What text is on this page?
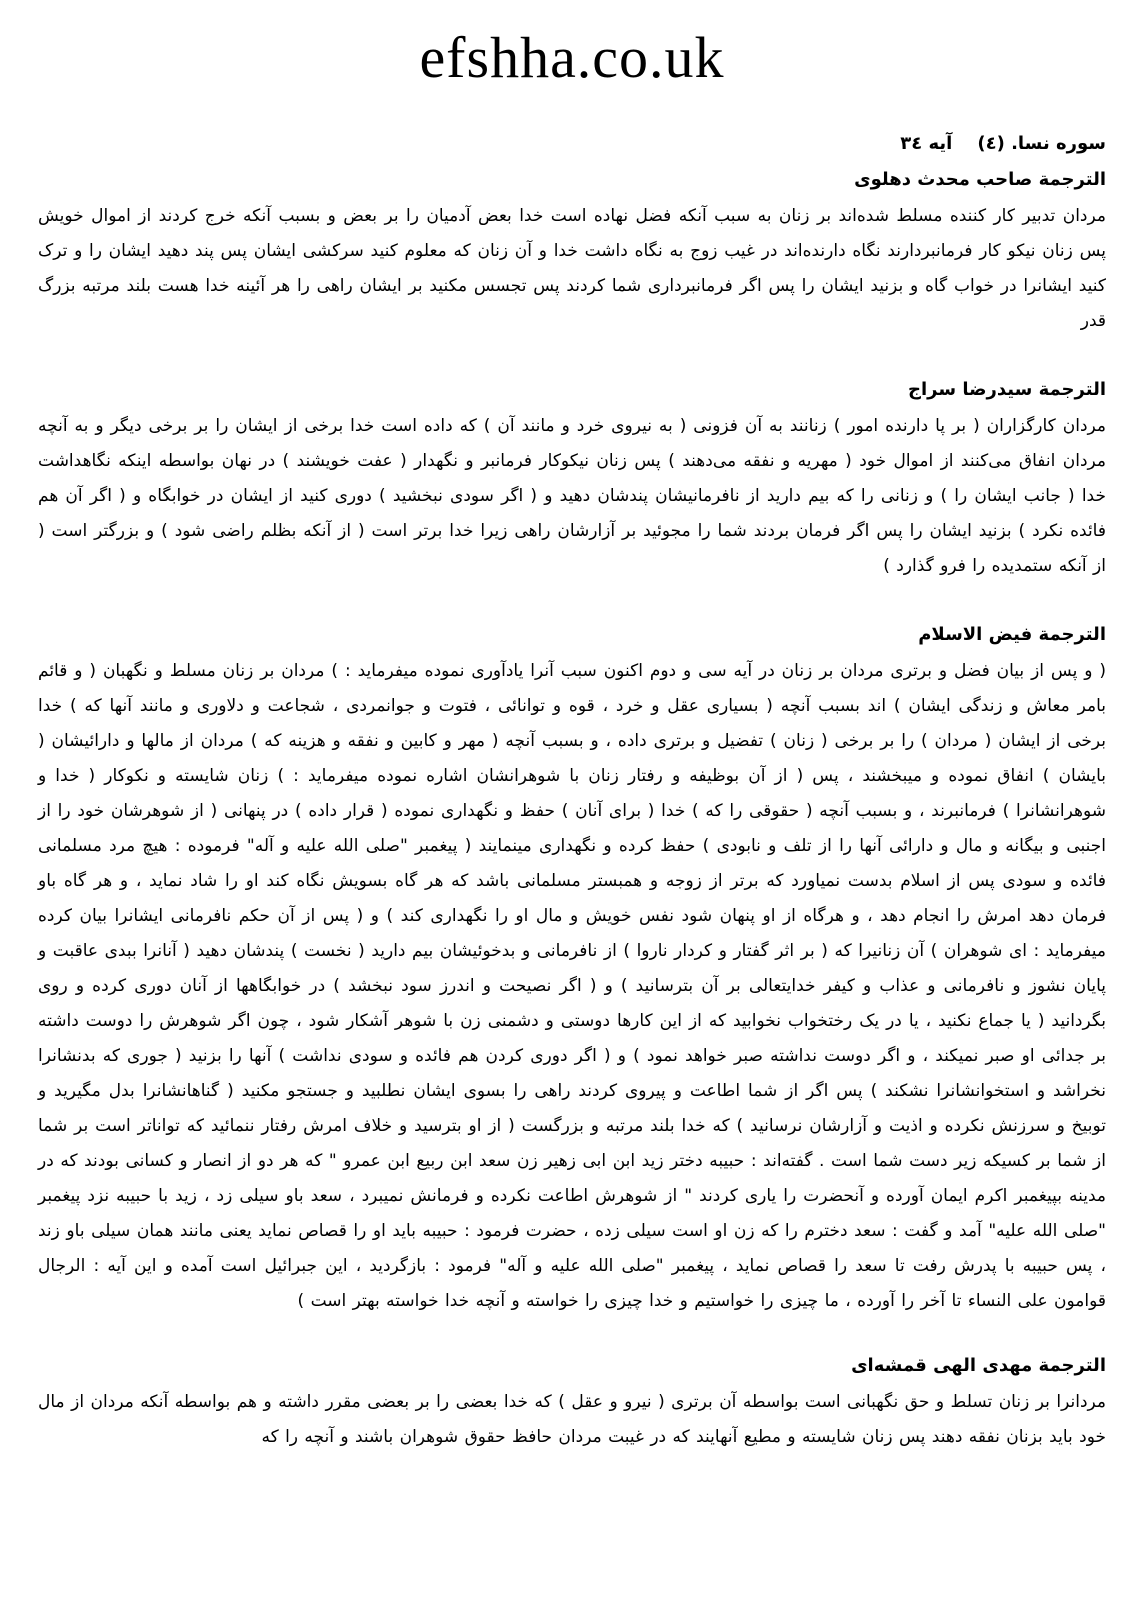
efshha.co.uk
سوره نسا. (٤)    آیه ٣٤
الترجمة صاحب محدث دهلوی

مردان تدبیر کار کننده مسلط شده‌اند بر زنان به سبب آنکه فضل نهاده است خدا بعض آدمیان را بر بعض و بسبب آنکه خرج کردند از اموال خویش پس زنان نیکو کار فرمانبردارند نگاه دارنده‌اند در غیب زوج به نگاه داشت خدا و آن زنان که معلوم کنید سرکشی ایشان پس پند دهید ایشان را و ترک کنید ایشانرا در خواب گاه و بزنید ایشان را پس اگر فرمانبرداری شما کردند پس تجسس مکنید بر ایشان راهی را هر آئینه خدا هست بلند مرتبه بزرگ قدر

الترجمة سیدرضا سراج

مردان کارگزاران ( بر پا دارنده امور ) زنانند به آن فزونی ( به نیروی خرد و مانند آن ) که داده است خدا برخی از ایشان را بر برخی دیگر و به آنچه مردان انفاق می‌کنند از اموال خود ( مهریه و نفقه می‌دهند ) پس زنان نیکوکار فرمانبر و نگهدار ( عفت خویشند ) در نهان بواسطه اینکه نگاهداشت خدا ( جانب ایشان را ) و زنانی را که بیم دارید از نافرمانیشان پندشان دهید و ( اگر سودی نبخشید ) دوری کنید از ایشان در خوابگاه و ( اگر آن هم فائده نکرد ) بزنید ایشان را پس اگر فرمان بردند شما را مجوئید بر آزارشان راهی زیرا خدا برتر است ( از آنکه بظلم راضی شود ) و بزرگتر است ( از آنکه ستمدیده را فرو گذارد )

الترجمة فیض الاسلام

( و پس از بیان فضل و برتری مردان بر زنان در آیه سی و دوم اکنون سبب آنرا یادآوری نموده میفرماید : ) مردان بر زنان مسلط و نگهبان ( و قائم بامر معاش و زندگی ایشان ) اند بسبب آنچه ( بسیاری عقل و خرد ، قوه و توانائی ، فتوت و جوانمردی ، شجاعت و دلاوری و مانند آنها که ) خدا برخی از ایشان ( مردان ) را بر برخی ( زنان ) تفضیل و برتری داده ، و بسبب آنچه ( مهر و کابین و نفقه و هزینه که ) مردان از مالها و دارائیشان ( بایشان ) انفاق نموده و میبخشند ، پس ( از آن بوظیفه و رفتار زنان با شوهرانشان اشاره نموده میفرماید : ) زنان شایسته و نکوکار ( خدا و شوهرانشانرا ) فرمانبرند ، و بسبب آنچه ( حقوقی را که ) خدا ( برای آنان ) حفظ و نگهداری نموده ( قرار داده ) در پنهانی ( از شوهرشان خود را از اجنبی و بیگانه و مال و دارائی آنها را از تلف و نابودی ) حفظ کرده و نگهداری مینمایند ( پیغمبر "صلی الله علیه و آله" فرموده : هیچ مرد مسلمانی فائده و سودی پس از اسلام بدست نمیاورد که برتر از زوجه و همبستر مسلمانی باشد که هر گاه بسویش نگاه کند او را شاد نماید ، و هر گاه باو فرمان دهد امرش را انجام دهد ، و هرگاه از او پنهان شود نفس خویش و مال او را نگهداری کند ) و ( پس از آن حکم نافرمانی ایشانرا بیان کرده میفرماید : ای شوهران ) آن زنانیرا که ( بر اثر گفتار و کردار ناروا ) از نافرمانی و بدخوئیشان بیم دارید ( نخست ) پندشان دهید ( آنانرا ببدی عاقبت و پایان نشوز و نافرمانی و عذاب و کیفر خدایتعالی بر آن بترسانید ) و ( اگر نصیحت و اندرز سود نبخشد ) در خوابگاهها از آنان دوری کرده و روی بگردانید ( یا جماع نکنید ، یا در یک رختخواب نخوابید که از این کارها دوستی و دشمنی زن با شوهر آشکار شود ، چون اگر شوهرش را دوست داشته بر جدائی او صبر نمیکند ، و اگر دوست نداشته صبر خواهد نمود ) و ( اگر دوری کردن هم فائده و سودی نداشت ) آنها را بزنید ( جوری که بدنشانرا نخراشد و استخوانشانرا نشکند ) پس اگر از شما اطاعت و پیروی کردند راهی را بسوی ایشان نطلبید و جستجو مکنید ( گناهانشانرا بدل مگیرید و توبیخ و سرزنش نکرده و اذیت و آزارشان نرسانید ) که خدا بلند مرتبه و بزرگست ( از او بترسید و خلاف امرش رفتار ننمائید که تواناتر است بر شما از شما بر کسیکه زیر دست شما است . گفته‌اند : حبیبه دختر زید ابن ابی زهیر زن سعد ابن ربیع ابن عمرو " که هر دو از انصار و کسانی بودند که در مدینه بپیغمبر اکرم ایمان آورده و آنحضرت را یاری کردند " از شوهرش اطاعت نکرده و فرمانش نمیبرد ، سعد باو سیلی زد ، زید با حبیبه نزد پیغمبر "صلی الله علیه" آمد و گفت : سعد دخترم را که زن او است سیلی زده ، حضرت فرمود : حبیبه باید او را قصاص نماید یعنی مانند همان سیلی باو زند ، پس حبیبه با پدرش رفت تا سعد را قصاص نماید ، پیغمبر "صلی الله علیه و آله" فرمود : بازگردید ، این جبرائیل است آمده و این آیه : الرجال قوامون علی النساء تا آخر را آورده ، ما چیزی را خواستیم و خدا چیزی را خواسته و آنچه خدا خواسته بهتر است )

الترجمة مهدی الهی قمشه‌ای

مردانرا بر زنان تسلط و حق نگهبانی است بواسطه آن برتری ( نیرو و عقل ) که خدا بعضی را بر بعضی مقرر داشته و هم بواسطه آنکه مردان از مال خود باید بزنان نفقه دهند پس زنان شایسته و مطیع آنهایند که در غیبت مردان حافظ حقوق شوهران باشند و آنچه را که
